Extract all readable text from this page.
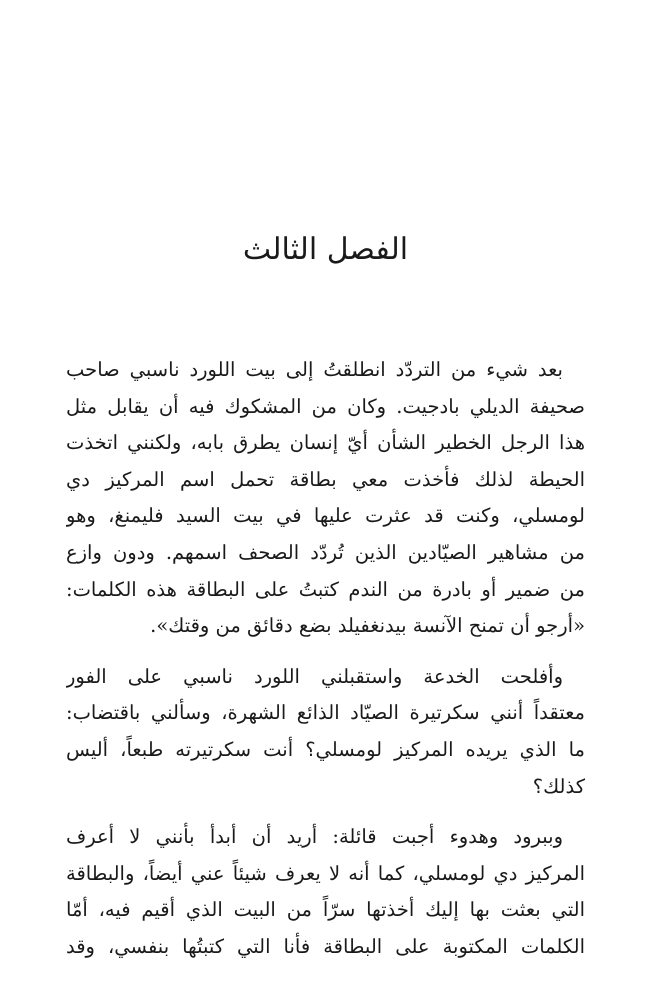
الفصل الثالث
بعد شيء من التردّد انطلقتُ إلى بيت اللورد ناسبي صاحب
صحيفة الديلي بادجيت. وكان من المشكوك فيه أن يقابل مثل
هذا الرجل الخطير الشأن أيّ إنسان يطرق بابه، ولكنني اتخذت
الحيطة لذلك فأخذت معي بطاقة تحمل اسم المركيز دي
لومسلي، وكنت قد عثرت عليها في بيت السيد فليمنغ، وهو
من مشاهير الصيّادين الذين تُردّد الصحف اسمهم. ودون وازع
من ضمير أو بادرة من الندم كتبتُ على البطاقة هذه الكلمات:
«أرجو أن تمنح الآنسة بيدنغفيلد بضع دقائق من وقتك».
وأفلحت الخدعة واستقبلني اللورد ناسبي على الفور
معتقداً أنني سكرتيرة الصيّاد الذائع الشهرة، وسألني باقتضاب:
ما الذي يريده المركيز لومسلي؟ أنت سكرتيرته طبعاً، أليس
كذلك؟
وببرود وهدوء أجبت قائلة: أريد أن أبدأ بأنني لا أعرف
المركيز دي لومسلي، كما أنه لا يعرف شيئاً عني أيضاً، والبطاقة
التي بعثت بها إليك أخذتها سرّاً من البيت الذي أقيم فيه، أمّا
الكلمات المكتوبة على البطاقة فأنا التي كتبتُها بنفسي، وقد
